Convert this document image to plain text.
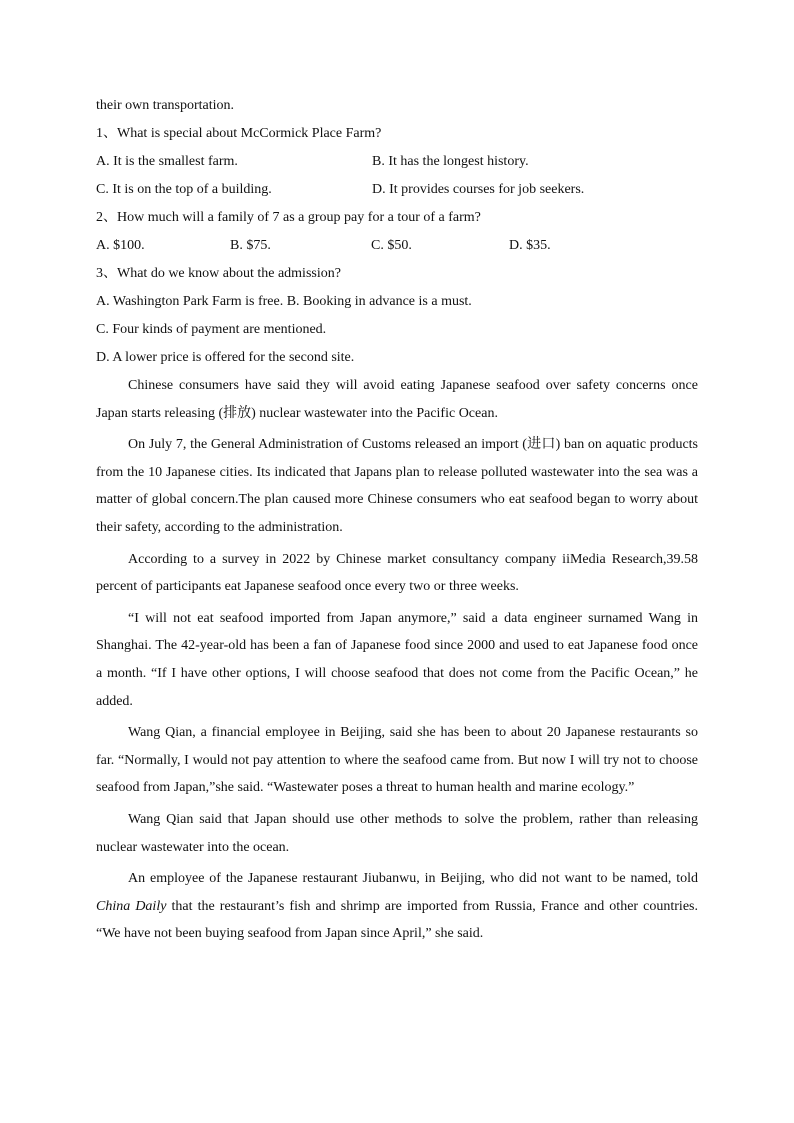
their own transportation.
1、What is special about McCormick Place Farm?
A. It is the smallest farm.	B. It has the longest history.
C. It is on the top of a building.	D. It provides courses for job seekers.
2、How much will a family of 7 as a group pay for a tour of a farm?
A. $100.	B. $75.	C. $50.	D. $35.
3、What do we know about the admission?
A. Washington Park Farm is free. B. Booking in advance is a must.
C. Four kinds of payment are mentioned.
D. A lower price is offered for the second site.

Chinese consumers have said they will avoid eating Japanese seafood over safety concerns once Japan starts releasing (排放) nuclear wastewater into the Pacific Ocean.

On July 7, the General Administration of Customs released an import (进口) ban on aquatic products from the 10 Japanese cities. Its indicated that Japans plan to release polluted wastewater into the sea was a matter of global concern.The plan caused more Chinese consumers who eat seafood began to worry about their safety, according to the administration.

According to a survey in 2022 by Chinese market consultancy company iiMedia Research,39.58 percent of participants eat Japanese seafood once every two or three weeks.

“I will not eat seafood imported from Japan anymore,” said a data engineer surnamed Wang in Shanghai. The 42-year-old has been a fan of Japanese food since 2000 and used to eat Japanese food once a month. “If I have other options, I will choose seafood that does not come from the Pacific Ocean,” he added.

Wang Qian, a financial employee in Beijing, said she has been to about 20 Japanese restaurants so far. “Normally, I would not pay attention to where the seafood came from. But now I will try not to choose seafood from Japan,”she said. “Wastewater poses a threat to human health and marine ecology.”

Wang Qian said that Japan should use other methods to solve the problem, rather than releasing nuclear wastewater into the ocean.

An employee of the Japanese restaurant Jiubanwu, in Beijing, who did not want to be named, told China Daily that the restaurant’s fish and shrimp are imported from Russia, France and other countries. “We have not been buying seafood from Japan since April,” she said.
